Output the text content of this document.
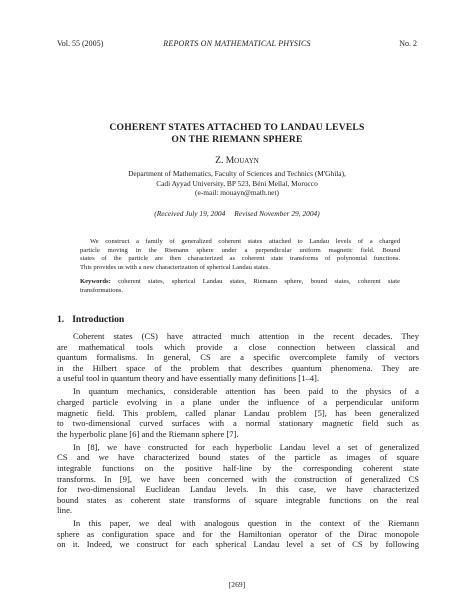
Vol. 55 (2005)	REPORTS ON MATHEMATICAL PHYSICS	No. 2
COHERENT STATES ATTACHED TO LANDAU LEVELS
ON THE RIEMANN SPHERE
Z. Mouayn
Department of Mathematics, Faculty of Sciences and Technics (M'Ghila),
Cadi Ayyad University, BP 523, Béni Mellal, Morocco
(e-mail: mouayn@math.net)
(Received July 19, 2004 Revised November 29, 2004)
We construct a family of generalized coherent states attached to Landau levels of a charged
particle moving in the Riemann sphere under a perpendicular uniform magnetic field. Bound
states of the particle are then characterized as coherent state transforms of polynomial functions.
This provides us with a new characterization of spherical Landau states.
Keywords: coherent states, spherical Landau states, Riemann sphere, bound states, coherent state
transformations.
1. Introduction
Coherent states (CS) have attracted much attention in the recent decades. They
are mathematical tools which provide a close connection between classical and
quantum formalisms. In general, CS are a specific overcomplete family of vectors
in the Hilbert space of the problem that describes quantum phenomena. They are
a useful tool in quantum theory and have essentially many definitions [1–4].
In quantum mechanics, considerable attention has been paid to the physics of a
charged particle evolving in a plane under the influence of a perpendicular uniform
magnetic field. This problem, called planar Landau problem [5], has been generalized
to two-dimensional curved surfaces with a normal stationary magnetic field such as
the hyperbolic plane [6] and the Riemann sphere [7].
In [8], we have constructed for each hyperbolic Landau level a set of generalized
CS and we have characterized bound states of the particle as images of square
integrable functions on the positive half-line by the corresponding coherent state
transforms. In [9], we have been concerned with the construction of generalized CS
for two-dimensional Euclidean Landau levels. In this case, we have characterized
bound states as coherent state transforms of square integrable functions on the real
line.
In this paper, we deal with analogous question in the context of the Riemann
sphere as configuration space and for the Hamiltonian operator of the Dirac monopole
on it. Indeed, we construct for each spherical Landau level a set of CS by following
[269]
